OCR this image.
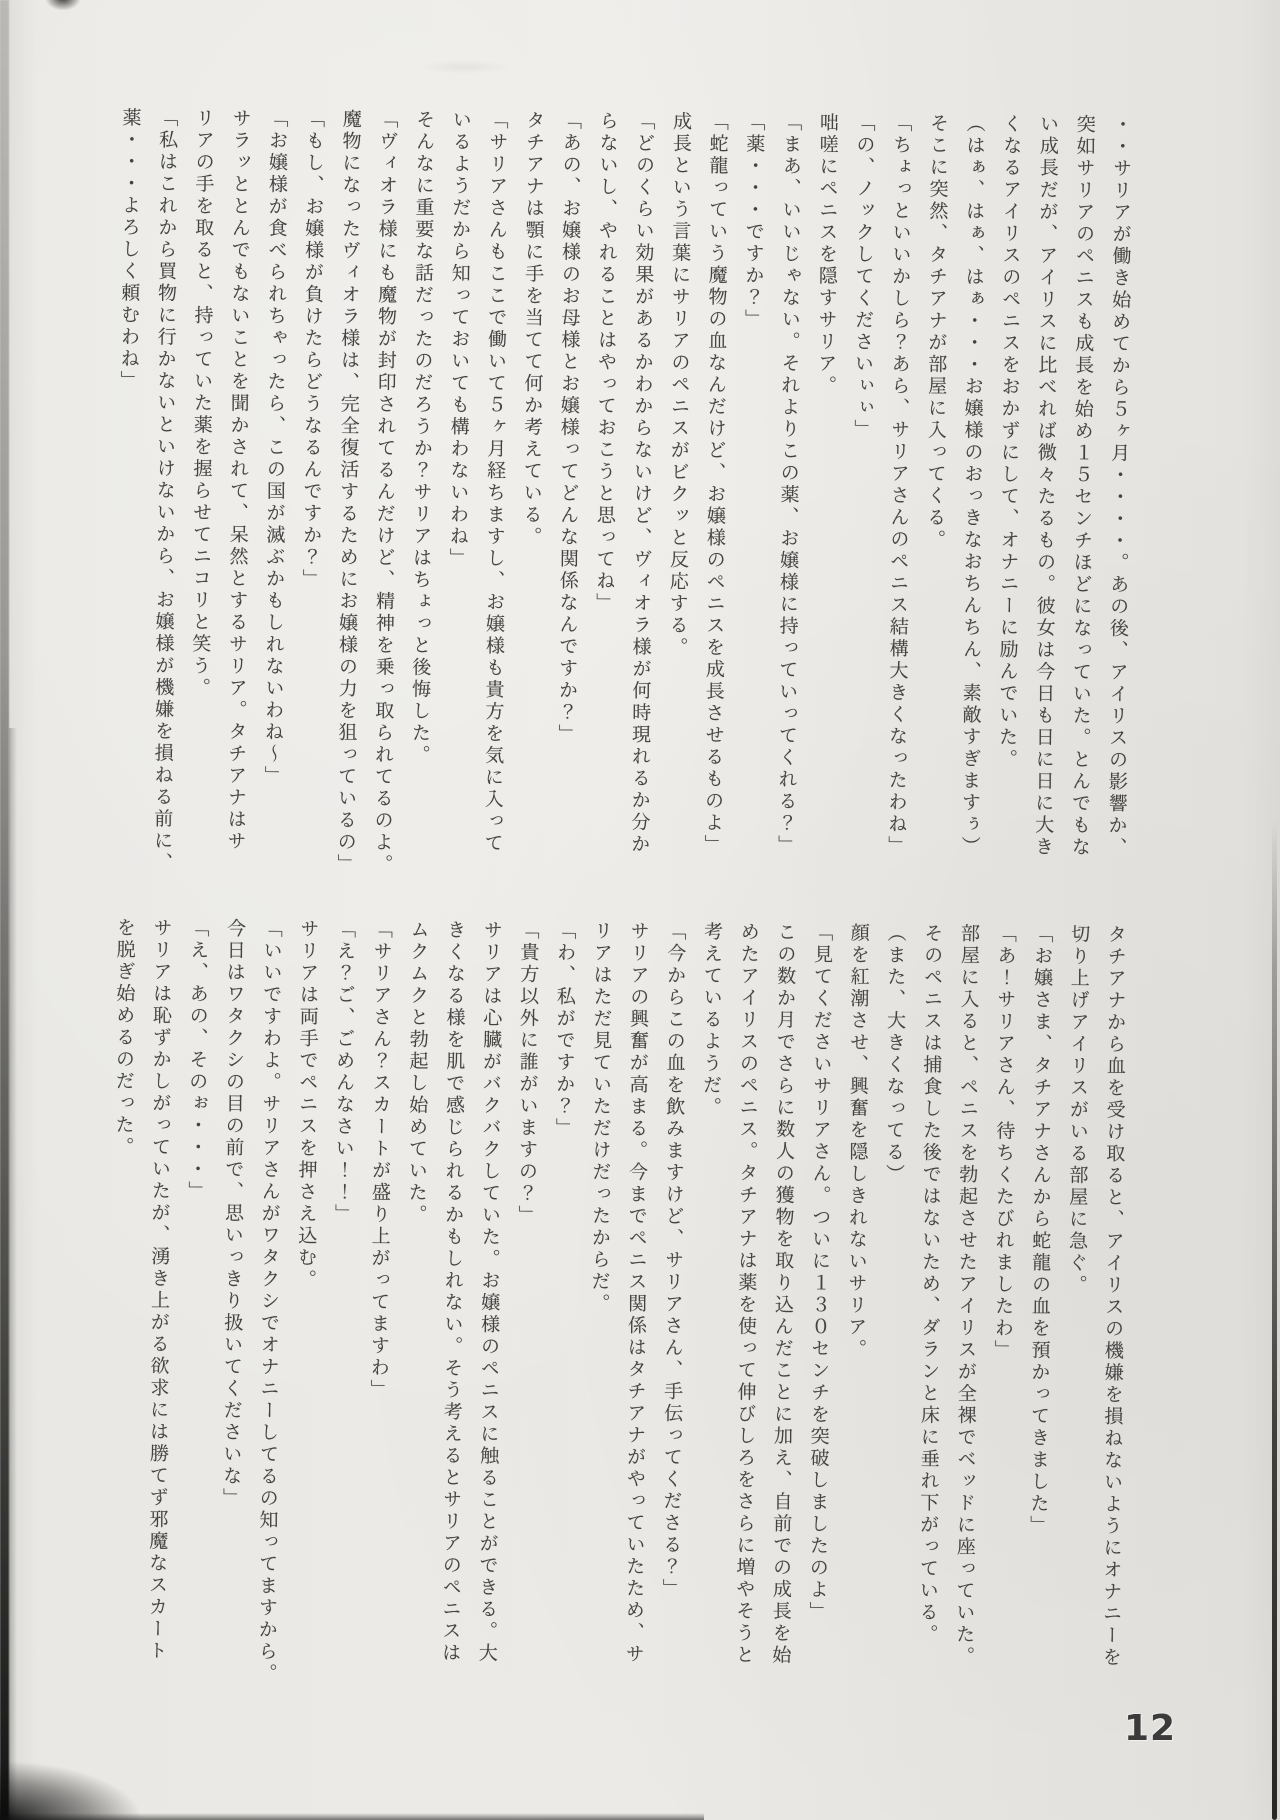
・・サリアが働き始めてから５ヶ月・・・・。あの後、アイリスの影響か、

突如サリアのペニスも成長を始め１５センチほどになっていた。とんでもな

い成長だが、アイリスに比べれば微々たるもの。彼女は今日も日に日に大き

くなるアイリスのペニスをおかずにして、オナニーに励んでいた。

（はぁ、はぁ、はぁ・・・お嬢様のおっきなおちんちん、素敵すぎますぅ）

そこに突然、タチアナが部屋に入ってくる。

「ちょっといいかしら？あら、サリアさんのペニス結構大きくなったわね」

「の、ノックしてくださいぃぃ」

咄嗟にペニスを隠すサリア。

「まあ、いいじゃない。それよりこの薬、お嬢様に持っていってくれる？」

「薬・・・ですか？」

「蛇龍っていう魔物の血なんだけど、お嬢様のペニスを成長させるものよ」

成長という言葉にサリアのペニスがビクッと反応する。

「どのくらい効果があるかわからないけど、ヴィオラ様が何時現れるか分か

らないし、やれることはやっておこうと思ってね」

「あの、お嬢様のお母様とお嬢様ってどんな関係なんですか？」

タチアナは顎に手を当てて何か考えている。

「サリアさんもここで働いて５ヶ月経ちますし、お嬢様も貴方を気に入って

いるようだから知っておいても構わないわね」

そんなに重要な話だったのだろうか？サリアはちょっと後悔した。

「ヴィオラ様にも魔物が封印されてるんだけど、精神を乗っ取られてるのよ。

魔物になったヴィオラ様は、完全復活するためにお嬢様の力を狙っているの」

「もし、お嬢様が負けたらどうなるんですか？」

「お嬢様が食べられちゃったら、この国が滅ぶかもしれないわね〜」

サラッととんでもないことを聞かされて、呆然とするサリア。タチアナはサ

リアの手を取ると、持っていた薬を握らせてニコリと笑う。

「私はこれから買物に行かないといけないから、お嬢様が機嫌を損ねる前に、

薬・・・よろしく頼むわね」

タチアナから血を受け取ると、アイリスの機嫌を損ねないようにオナニーを

切り上げアイリスがいる部屋に急ぐ。

「お嬢さま、タチアナさんから蛇龍の血を預かってきました」

「あ！サリアさん、待ちくたびれましたわ」

部屋に入ると、ペニスを勃起させたアイリスが全裸でベッドに座っていた。

そのペニスは捕食した後ではないため、ダランと床に垂れ下がっている。

（また、大きくなってる）

顔を紅潮させ、興奮を隠しきれないサリア。

「見てくださいサリアさん。ついに１３０センチを突破しましたのよ」

この数か月でさらに数人の獲物を取り込んだことに加え、自前での成長を始

めたアイリスのペニス。タチアナは薬を使って伸びしろをさらに増やそうと

考えているようだ。

「今からこの血を飲みますけど、サリアさん、手伝ってくださる？」

サリアの興奮が高まる。今までペニス関係はタチアナがやっていたため、サ

リアはただ見ていただけだったからだ。

「わ、私がですか？」

「貴方以外に誰がいますの？」

サリアは心臓がバクバクしていた。お嬢様のペニスに触ることができる。大

きくなる様を肌で感じられるかもしれない。そう考えるとサリアのペニスは

ムクムクと勃起し始めていた。

「サリアさん？スカートが盛り上がってますわ」

「え？ご、ごめんなさい！！」

サリアは両手でペニスを押さえ込む。

「いいですわよ。サリアさんがワタクシでオナニーしてるの知ってますから。

今日はワタクシの目の前で、思いっきり扱いてくださいな」

「え、あの、そのぉ・・・」

サリアは恥ずかしがっていたが、湧き上がる欲求には勝てず邪魔なスカート

を脱ぎ始めるのだった。

12
